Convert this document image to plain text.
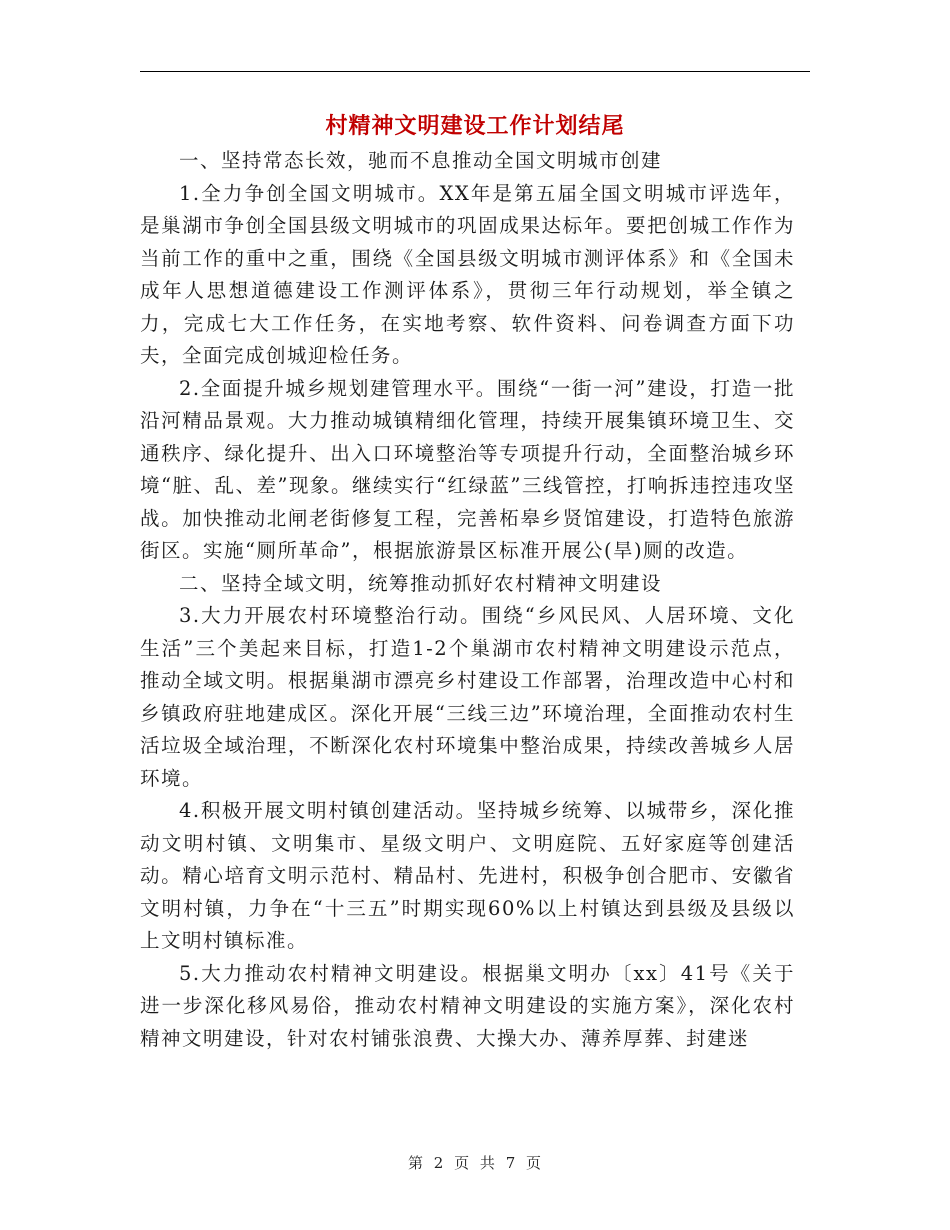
村精神文明建设工作计划结尾

一、坚持常态长效，驰而不息推动全国文明城市创建

1.全力争创全国文明城市。XX年是第五届全国文明城市评选年，是巢湖市争创全国县级文明城市的巩固成果达标年。要把创城工作作为当前工作的重中之重，围绕《全国县级文明城市测评体系》和《全国未成年人思想道德建设工作测评体系》，贯彻三年行动规划，举全镇之力，完成七大工作任务，在实地考察、软件资料、问卷调查方面下功夫，全面完成创城迎检任务。

2.全面提升城乡规划建管理水平。围绕“一街一河”建设，打造一批沿河精品景观。大力推动城镇精细化管理，持续开展集镇环境卫生、交通秩序、绿化提升、出入口环境整治等专项提升行动，全面整治城乡环境“脏、乱、差”现象。继续实行“红绿蓝”三线管控，打响拆违控违攻坚战。加快推动北闸老街修复工程，完善柘皋乡贤馆建设，打造特色旅游街区。实施“厕所革命”，根据旅游景区标准开展公(旱)厕的改造。

二、坚持全域文明，统筹推动抓好农村精神文明建设

3.大力开展农村环境整治行动。围绕“乡风民风、人居环境、文化生活”三个美起来目标，打造1-2个巢湖市农村精神文明建设示范点，推动全域文明。根据巢湖市漂亮乡村建设工作部署，治理改造中心村和乡镇政府驻地建成区。深化开展“三线三边”环境治理，全面推动农村生活垃圾全域治理，不断深化农村环境集中整治成果，持续改善城乡人居环境。

4.积极开展文明村镇创建活动。坚持城乡统筹、以城带乡，深化推动文明村镇、文明集市、星级文明户、文明庭院、五好家庭等创建活动。精心培育文明示范村、精品村、先进村，积极争创合肥市、安徽省文明村镇，力争在“十三五”时期实现60%以上村镇达到县级及县级以上文明村镇标准。

5.大力推动农村精神文明建设。根据巢文明办〔xx〕41号《关于进一步深化移风易俗，推动农村精神文明建设的实施方案》，深化农村精神文明建设，针对农村铺张浪费、大操大办、薄养厚葬、封建迷

第 2 页 共 7 页
